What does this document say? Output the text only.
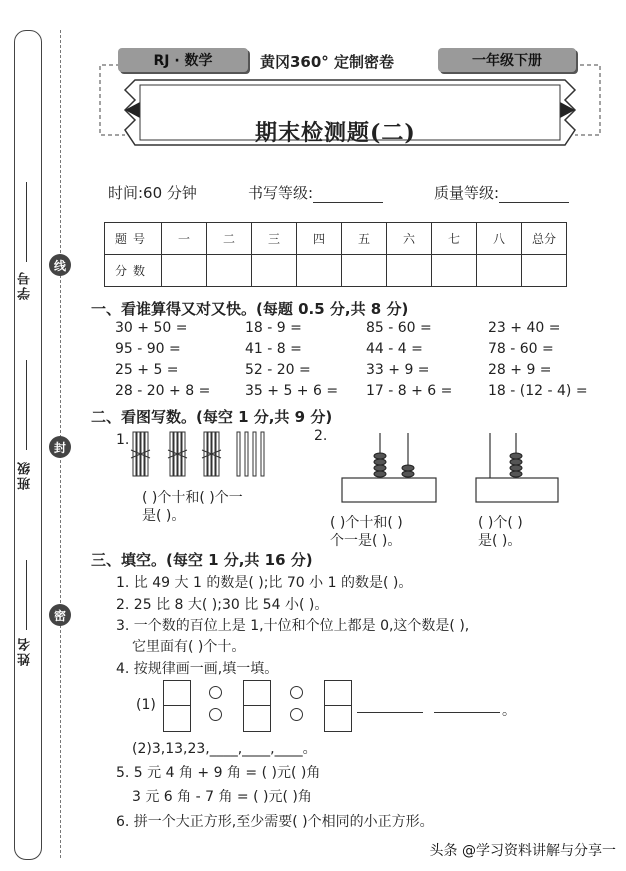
学号
班级
姓名
线
封
密
RJ · 数学	黄冈360° 定制密卷	一年级下册
期末检测题(二)
时间:60 分钟	书写等级:	质量等级:
题号	一	二	三	四	五	六	七	八	总分
分数									
一、看谁算得又对又快。(每题 0.5 分,共 8 分)
30 + 50 =	18 - 9 =	85 - 60 =	23 + 40 =
95 - 90 =	41 - 8 =	44 - 4 =	78 - 60 =
25 + 5 =	52 - 20 =	33 + 9 =	28 + 9 =
28 - 20 + 8 = 35 + 5 + 6 = 17 - 8 + 6 =	18 - (12 - 4) =
二、看图写数。(每空 1 分,共 9 分)
1.
( )个十和( )个一
是( )。
2.
( )个十和( )
个一是( )。
( )个( )
是( )。
三、填空。(每空 1 分,共 16 分)
1. 比 49 大 1 的数是( );比 70 小 1 的数是( )。
2. 25 比 8 大( );30 比 54 小( )。
3. 一个数的百位上是 1,十位和个位上都是 0,这个数是( ),
它里面有( )个十。
4. 按规律画一画,填一填。
(1)	。
(2)3,13,23,____,____,____。
5. 5 元 4 角 + 9 角 = ( )元( )角
3 元 6 角 - 7 角 = ( )元( )角
6. 拼一个大正方形,至少需要( )个相同的小正方形。
头条 @学习资料讲解与分享一
